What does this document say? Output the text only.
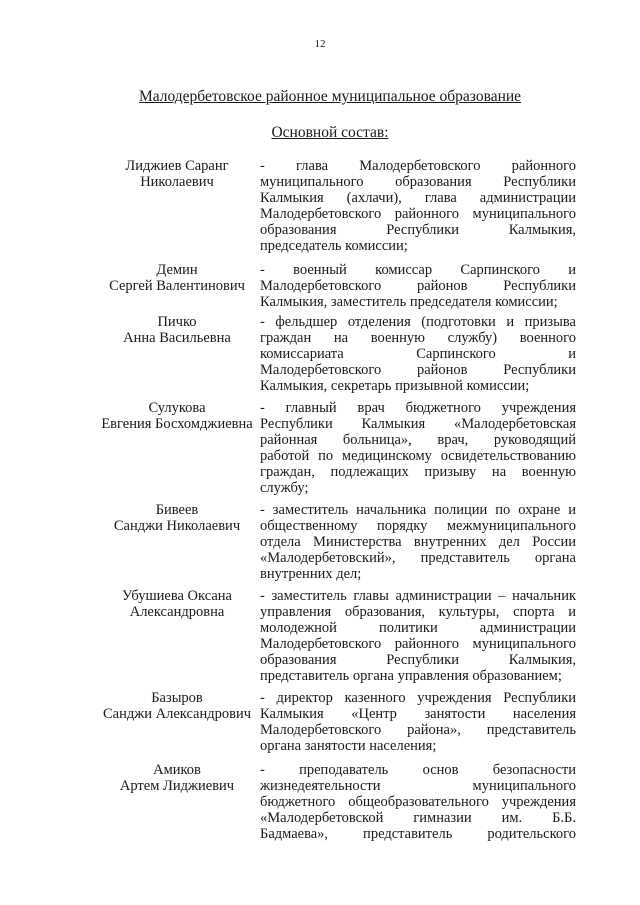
12
Малодербетовское районное муниципальное образование
Основной состав:
Лиджиев Саранг
Николаевич
- глава Малодербетовского районного
муниципального образования Республики
Калмыкия (ахлачи), глава администрации
Малодербетовского районного муниципального
образования Республики Калмыкия,
председатель комиссии;
Демин
Сергей Валентинович
- военный комиссар Сарпинского и
Малодербетовского районов Республики
Калмыкия, заместитель председателя комиссии;
Пичко
Анна Васильевна
- фельдшер отделения (подготовки и призыва
граждан на военную службу) военного
комиссариата Сарпинского и
Малодербетовского районов Республики
Калмыкия, секретарь призывной комиссии;
Сулукова
Евгения Босхомджиевна
- главный врач бюджетного учреждения
Республики Калмыкия «Малодербетовская
районная больница», врач, руководящий
работой по медицинскому освидетельствованию
граждан, подлежащих призыву на военную
службу;
Бивеев
Санджи Николаевич
- заместитель начальника полиции по охране и
общественному порядку межмуниципального
отдела Министерства внутренних дел России
«Малодербетовский», представитель органа
внутренних дел;
Убушиева Оксана
Александровна
- заместитель главы администрации – начальник
управления образования, культуры, спорта и
молодежной политики администрации
Малодербетовского районного муниципального
образования Республики Калмыкия,
представитель органа управления образованием;
Базыров
Санджи Александрович
- директор казенного учреждения Республики
Калмыкия «Центр занятости населения
Малодербетовского района», представитель
органа занятости населения;
Амиков
Артем Лиджиевич
- преподаватель основ безопасности
жизнедеятельности муниципального
бюджетного общеобразовательного учреждения
«Малодербетовской гимназии им. Б.Б.
Бадмаева», представитель родительского
